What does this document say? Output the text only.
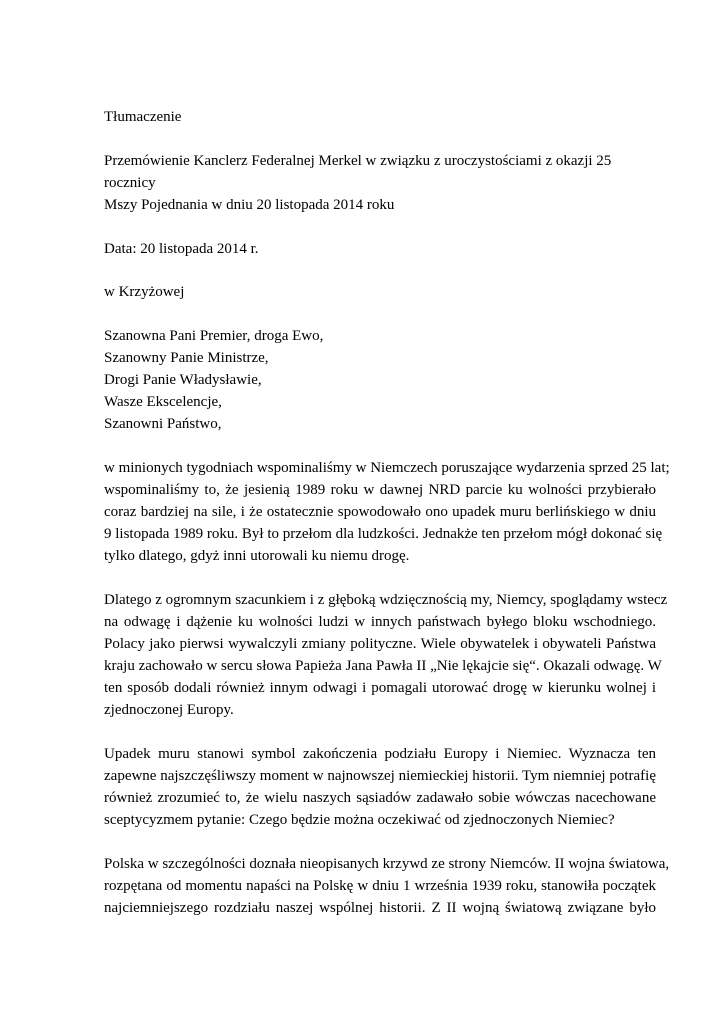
Tłumaczenie

Przemówienie Kanclerz Federalnej Merkel w związku z uroczystościami z okazji 25 rocznicy
Mszy Pojednania w dniu 20 listopada 2014 roku

Data: 20 listopada 2014 r.

w Krzyżowej

Szanowna Pani Premier, droga Ewo,
Szanowny Panie Ministrze,
Drogi Panie Władysławie,
Wasze Ekscelencje,
Szanowni Państwo,

w minionych tygodniach wspominaliśmy w Niemczech poruszające wydarzenia sprzed 25 lat;
wspominaliśmy to, że jesienią 1989 roku w dawnej NRD parcie ku wolności przybierało
coraz bardziej na sile, i że ostatecznie spowodowało ono upadek muru berlińskiego w dniu
9 listopada 1989 roku. Był to przełom dla ludzkości. Jednakże ten przełom mógł dokonać się
tylko dlatego, gdyż inni utorowali ku niemu drogę.

Dlatego z ogromnym szacunkiem i z głęboką wdzięcznością my, Niemcy, spoglądamy wstecz
na odwagę i dążenie ku wolności ludzi w innych państwach byłego bloku wschodniego.
Polacy jako pierwsi wywalczyli zmiany polityczne. Wiele obywatelek i obywateli Państwa
kraju zachowało w sercu słowa Papieża Jana Pawła II „Nie lękajcie się“. Okazali odwagę. W
ten sposób dodali również innym odwagi i pomagali utorować drogę w kierunku wolnej i
zjednoczonej Europy.

Upadek muru stanowi symbol zakończenia podziału Europy i Niemiec. Wyznacza ten
zapewne najszczęśliwszy moment w najnowszej niemieckiej historii. Tym niemniej potrafię
również zrozumieć to, że wielu naszych sąsiadów zadawało sobie wówczas nacechowane
sceptycyzmem pytanie: Czego będzie można oczekiwać od zjednoczonych Niemiec?

Polska w szczególności doznała nieopisanych krzywd ze strony Niemców. II wojna światowa,
rozpętana od momentu napaści na Polskę w dniu 1 września 1939 roku, stanowiła początek
najciemniejszego rozdziału naszej wspólnej historii. Z II wojną światową związane było
